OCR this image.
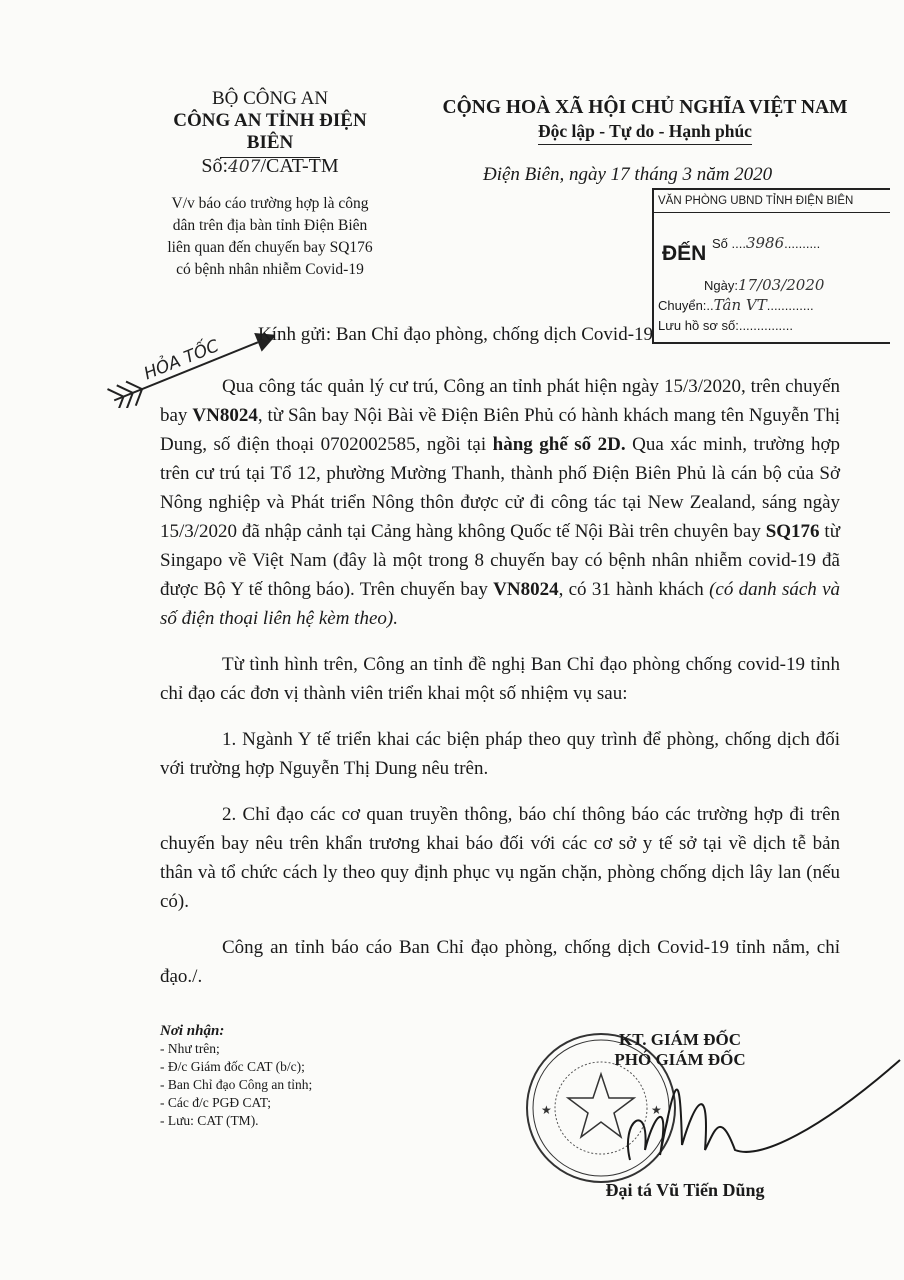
BỘ CÔNG AN
CÔNG AN TỈNH ĐIỆN BIÊN
Số:407/CAT-TM
V/v báo cáo trường hợp là công
dân trên địa bàn tỉnh Điện Biên
liên quan đến chuyến bay SQ176
có bệnh nhân nhiễm Covid-19
CỘNG HOÀ XÃ HỘI CHỦ NGHĨA VIỆT NAM
Độc lập - Tự do - Hạnh phúc
Điện Biên, ngày 17 tháng 3 năm 2020
VĂN PHÒNG UBND TỈNH ĐIỆN BIÊN
ĐẾN Số ....3986..........
Ngày:17/03/2020
Chuyển:..Tân VT.............
Lưu hồ sơ số:...............
HỎA TỐC
Kính gửi: Ban Chỉ đạo phòng, chống dịch Covid-19

Qua công tác quản lý cư trú, Công an tỉnh phát hiện ngày 15/3/2020, trên chuyến bay VN8024, từ Sân bay Nội Bài về Điện Biên Phủ có hành khách mang tên Nguyễn Thị Dung, số điện thoại 0702002585, ngồi tại hàng ghế số 2D. Qua xác minh, trường hợp trên cư trú tại Tổ 12, phường Mường Thanh, thành phố Điện Biên Phủ là cán bộ của Sở Nông nghiệp và Phát triển Nông thôn được cử đi công tác tại New Zealand, sáng ngày 15/3/2020 đã nhập cảnh tại Cảng hàng không Quốc tế Nội Bài trên chuyên bay SQ176 từ Singapo về Việt Nam (đây là một trong 8 chuyến bay có bệnh nhân nhiễm covid-19 đã được Bộ Y tế thông báo). Trên chuyến bay VN8024, có 31 hành khách (có danh sách và số điện thoại liên hệ kèm theo).

Từ tình hình trên, Công an tỉnh đề nghị Ban Chỉ đạo phòng chống covid-19 tỉnh chỉ đạo các đơn vị thành viên triển khai một số nhiệm vụ sau:

1. Ngành Y tế triển khai các biện pháp theo quy trình để phòng, chống dịch đối với trường hợp Nguyễn Thị Dung nêu trên.

2. Chỉ đạo các cơ quan truyền thông, báo chí thông báo các trường hợp đi trên chuyến bay nêu trên khẩn trương khai báo đối với các cơ sở y tế sở tại về dịch tễ bản thân và tổ chức cách ly theo quy định phục vụ ngăn chặn, phòng chống dịch lây lan (nếu có).

Công an tỉnh báo cáo Ban Chỉ đạo phòng, chống dịch Covid-19 tỉnh nắm, chỉ đạo./.

Nơi nhận:
- Như trên;
- Đ/c Giám đốc CAT (b/c);
- Ban Chỉ đạo Công an tỉnh;
- Các đ/c PGĐ CAT;
- Lưu: CAT (TM).
★	★
KT. GIÁM ĐỐC
PHÓ GIÁM ĐỐC
Đại tá Vũ Tiến Dũng
